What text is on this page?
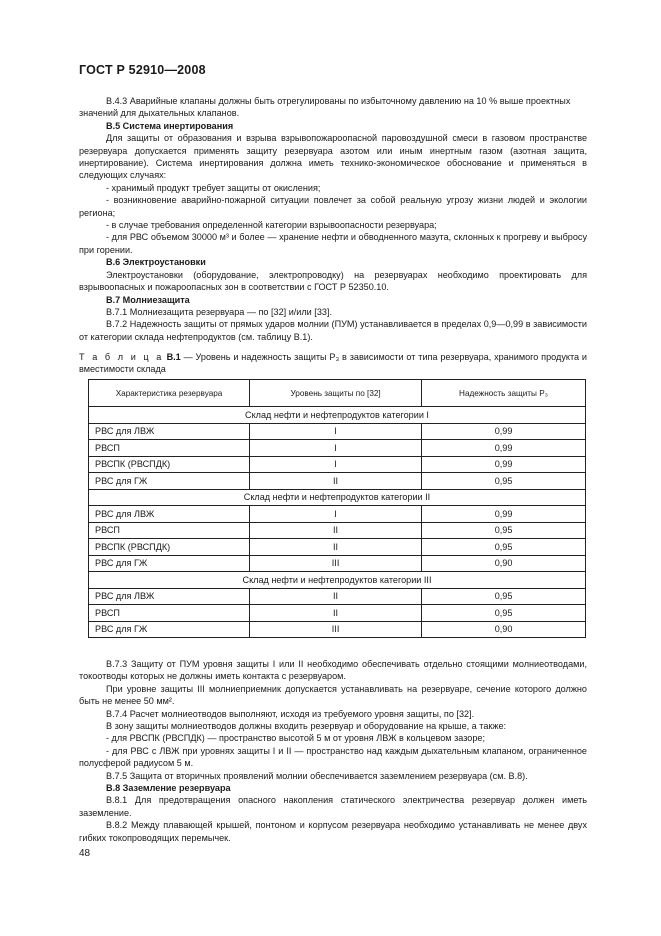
ГОСТ Р 52910—2008

В.4.3 Аварийные клапаны должны быть отрегулированы по избыточному давлению на 10 % выше проектных

значений для дыхательных клапанов.

В.5 Система инертирования

Для защиты от образования и взрыва взрывопожароопасной паровоздушной смеси в газовом пространстве резервуара допускается применять защиту резервуара азотом или иным инертным газом (азотная защита, инертирование). Система инертирования должна иметь технико-экономическое обоснование и применяться в следующих случаях:

- хранимый продукт требует защиты от окисления;

- возникновение аварийно-пожарной ситуации повлечет за собой реальную угрозу жизни людей и экологии региона;

- в случае требования определенной категории взрывоопасности резервуара;

- для РВС объемом 30000 м³ и более — хранение нефти и обводненного мазута, склонных к прогреву и выбросу при горении.

В.6 Электроустановки

Электроустановки (оборудование, электропроводку) на резервуарах необходимо проектировать для взрывоопасных и пожароопасных зон в соответствии с ГОСТ Р 52350.10.

В.7 Молниезащита

В.7.1 Молниезащита резервуара — по [32] и/или [33].

В.7.2 Надежность защиты от прямых ударов молнии (ПУМ) устанавливается в пределах 0,9—0,99 в зависимости от категории склада нефтепродуктов (см. таблицу В.1).

Т а б л и ц а В.1 — Уровень и надежность защиты P₃ в зависимости от типа резервуара, хранимого продукта и вместимости склада
Характеристика резервуара	Уровень защиты по [32]	Надежность защиты P₃
Склад нефти и нефтепродуктов категории I		
РВС для ЛВЖ	I	0,99
РВСП	I	0,99
РВСПК (РВСПДК)	I	0,99
РВС для ГЖ	II	0,95
Склад нефти и нефтепродуктов категории II		
РВС для ЛВЖ	I	0,99
РВСП	II	0,95
РВСПК (РВСПДК)	II	0,95
РВС для ГЖ	III	0,90
Склад нефти и нефтепродуктов категории III		
РВС для ЛВЖ	II	0,95
РВСП	II	0,95
РВС для ГЖ	III	0,90

В.7.3 Защиту от ПУМ уровня защиты I или II необходимо обеспечивать отдельно стоящими молниеотводами, токоотводы которых не должны иметь контакта с резервуаром.

При уровне защиты III молниеприемник допускается устанавливать на резервуаре, сечение которого должно быть не менее 50 мм².

В.7.4 Расчет молниеотводов выполняют, исходя из требуемого уровня защиты, по [32].

В зону защиты молниеотводов должны входить резервуар и оборудование на крыше, а также:

- для РВСПК (РВСПДК) — пространство высотой 5 м от уровня ЛВЖ в кольцевом зазоре;

- для РВС с ЛВЖ при уровнях защиты I и II — пространство над каждым дыхательным клапаном, ограниченное полусферой радиусом 5 м.

В.7.5 Защита от вторичных проявлений молнии обеспечивается заземлением резервуара (см. В.8).

В.8 Заземление резервуара

В.8.1 Для предотвращения опасного накопления статического электричества резервуар должен иметь заземление.

В.8.2 Между плавающей крышей, понтоном и корпусом резервуара необходимо устанавливать не менее двух гибких токопроводящих перемычек.

48
